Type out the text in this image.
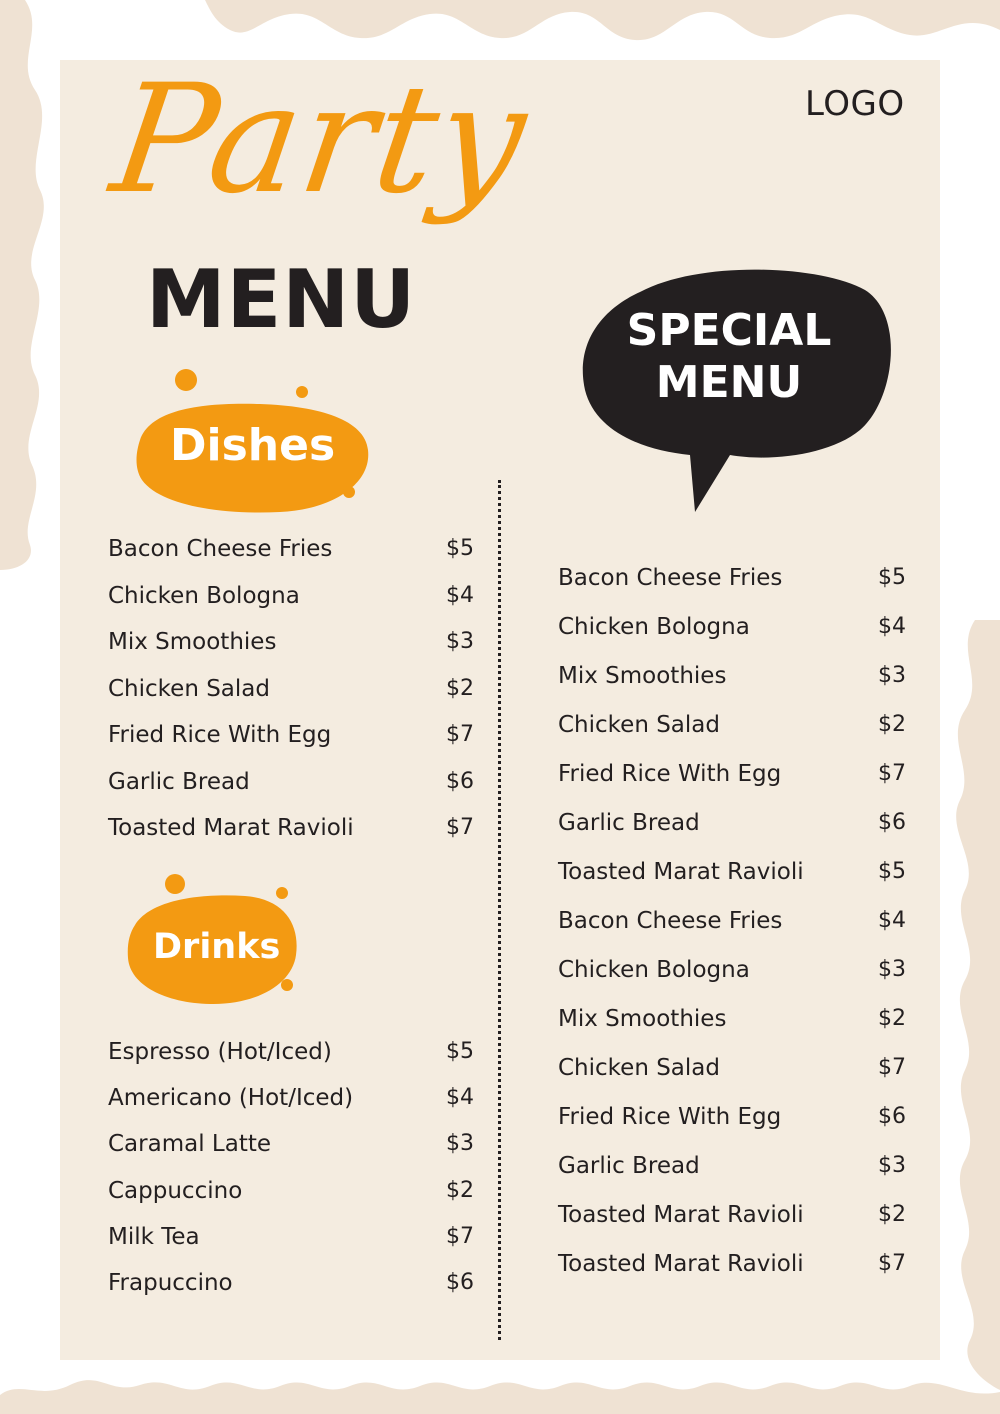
LOGO
Party
MENU	SPECIAL
MENU
Dishes
Drinks
Bacon Cheese Fries	$5
Chicken Bologna	$4
Mix Smoothies	$3
Chicken Salad	$2
Fried Rice With Egg	$7
Garlic Bread	$6
Toasted Marat Ravioli	$7
Espresso (Hot/Iced)	$5
Americano (Hot/Iced)	$4
Caramal Latte	$3
Cappuccino	$2
Milk Tea	$7
Frapuccino	$6
Bacon Cheese Fries	$5
Chicken Bologna	$4
Mix Smoothies	$3
Chicken Salad	$2
Fried Rice With Egg	$7
Garlic Bread	$6
Toasted Marat Ravioli	$5
Bacon Cheese Fries	$4
Chicken Bologna	$3
Mix Smoothies	$2
Chicken Salad	$7
Fried Rice With Egg	$6
Garlic Bread	$3
Toasted Marat Ravioli	$2
Toasted Marat Ravioli	$7
